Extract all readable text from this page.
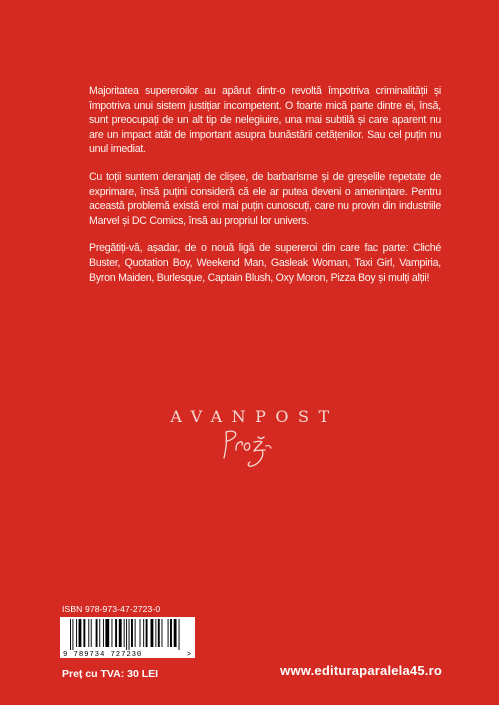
Majoritatea supereroilor au apărut dintr-o revoltă împotriva criminalității și împotriva unui sistem justițiar incompetent. O foarte mică parte dintre ei, însă, sunt preocupați de un alt tip de nelegiuire, una mai subtilă și care aparent nu are un impact atât de important asupra bunăstării cetățenilor. Sau cel puțin nu unul imediat.

Cu toții suntem deranjați de clișee, de barbarisme și de greșelile repetate de exprimare, însă puțini consideră că ele ar putea deveni o amenințare. Pentru această problemă există eroi mai puțin cunoscuți, care nu provin din industriile Marvel și DC Comics, însă au propriul lor univers.

Pregătiți-vă, așadar, de o nouă ligă de supereroi din care fac parte: Cliché Buster, Quotation Boy, Weekend Man, Gasleak Woman, Taxi Girl, Vampiria, Byron Maiden, Burlesque, Captain Blush, Oxy Moron, Pizza Boy și mulți alții!

AVANPOST
ISBN 978-973-47-2723-0
9 789734 727230	>
Preț cu TVA: 30 LEI	www.edituraparalela45.ro
